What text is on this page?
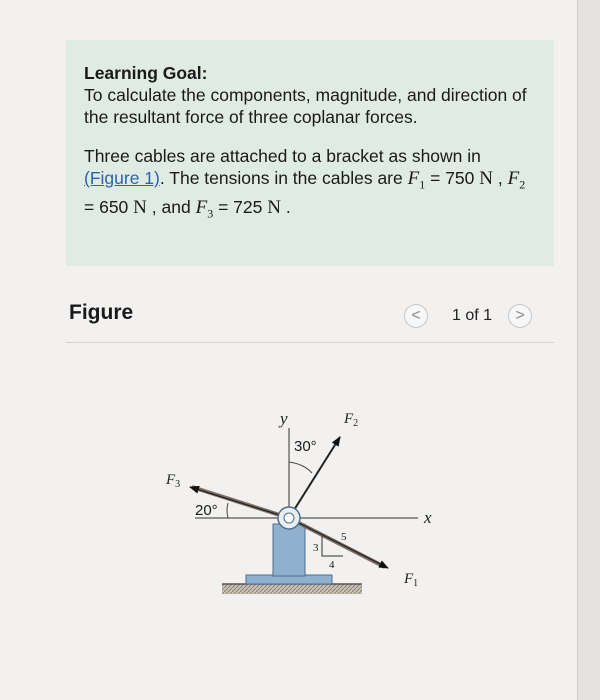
Learning Goal:

To calculate the components, magnitude, and direction of the resultant force of three coplanar forces.

Three cables are attached to a bracket as shown in (Figure 1). The tensions in the cables are $F_1 = 750$ N , $F_2 = 650$ N , and $F_3 = 725$ N .

Figure	< 1 of 1 >
y
x
$F_2$
$F_3$
$F_1$
30°
20°
3
4
5
